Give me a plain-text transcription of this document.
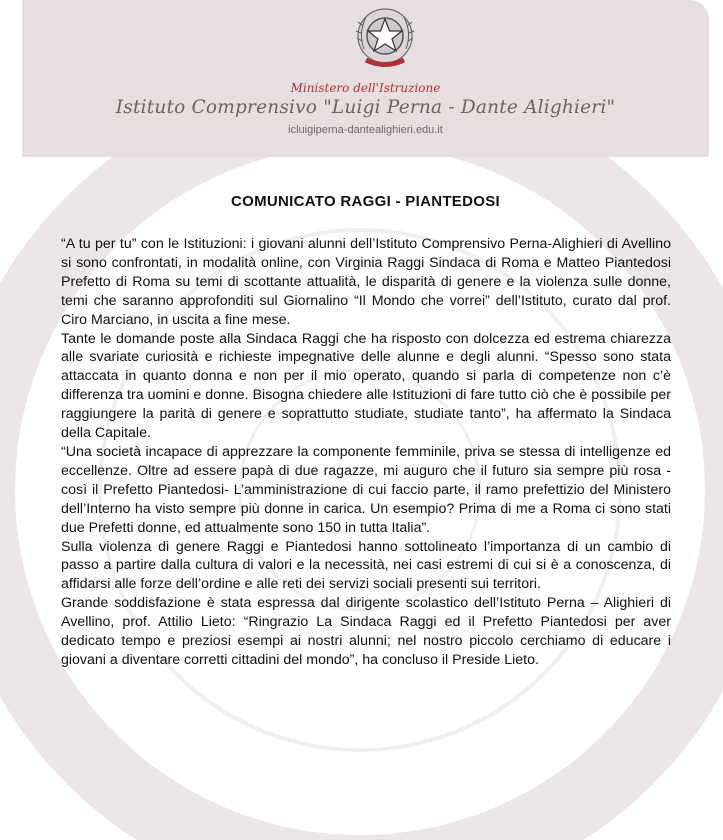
Ministero dell'Istruzione
Istituto Comprensivo "Luigi Perna - Dante Alighieri"
icluigiperna-dantealighieri.edu.it
COMUNICATO RAGGI - PIANTEDOSI

“A tu per tu” con le Istituzioni: i giovani alunni dell’Istituto Comprensivo Perna-Alighieri di Avellino si sono confrontati, in modalità online, con Virginia Raggi Sindaca di Roma e Matteo Piantedosi Prefetto di Roma su temi di scottante attualità, le disparità di genere e la violenza sulle donne, temi che saranno approfonditi sul Giornalino “Il Mondo che vorrei” dell’Istituto, curato dal prof. Ciro Marciano, in uscita a fine mese.

Tante le domande poste alla Sindaca Raggi che ha risposto con dolcezza ed estrema chiarezza alle svariate curiosità e richieste impegnative delle alunne e degli alunni. “Spesso sono stata attaccata in quanto donna e non per il mio operato, quando si parla di competenze non c’è differenza tra uomini e donne. Bisogna chiedere alle Istituzioni di fare tutto ciò che è possibile per raggiungere la parità di genere e soprattutto studiate, studiate tanto”, ha affermato la Sindaca della Capitale.

“Una società incapace di apprezzare la componente femminile, priva se stessa di intelligenze ed eccellenze. Oltre ad essere papà di due ragazze, mi auguro che il futuro sia sempre più rosa - così il Prefetto Piantedosi- L’amministrazione di cui faccio parte, il ramo prefettizio del Ministero dell’Interno ha visto sempre più donne in carica. Un esempio? Prima di me a Roma ci sono stati due Prefetti donne, ed attualmente sono 150 in tutta Italia”.

Sulla violenza di genere Raggi e Piantedosi hanno sottolineato l’importanza di un cambio di passo a partire dalla cultura di valori e la necessità, nei casi estremi di cui si è a conoscenza, di affidarsi alle forze dell’ordine e alle reti dei servizi sociali presenti sui territori.

Grande soddisfazione è stata espressa dal dirigente scolastico dell’Istituto Perna – Alighieri di Avellino, prof. Attilio Lieto: “Ringrazio La Sindaca Raggi ed il Prefetto Piantedosi per aver dedicato tempo e preziosi esempi ai nostri alunni; nel nostro piccolo cerchiamo di educare i giovani a diventare corretti cittadini del mondo”, ha concluso il Preside Lieto.
